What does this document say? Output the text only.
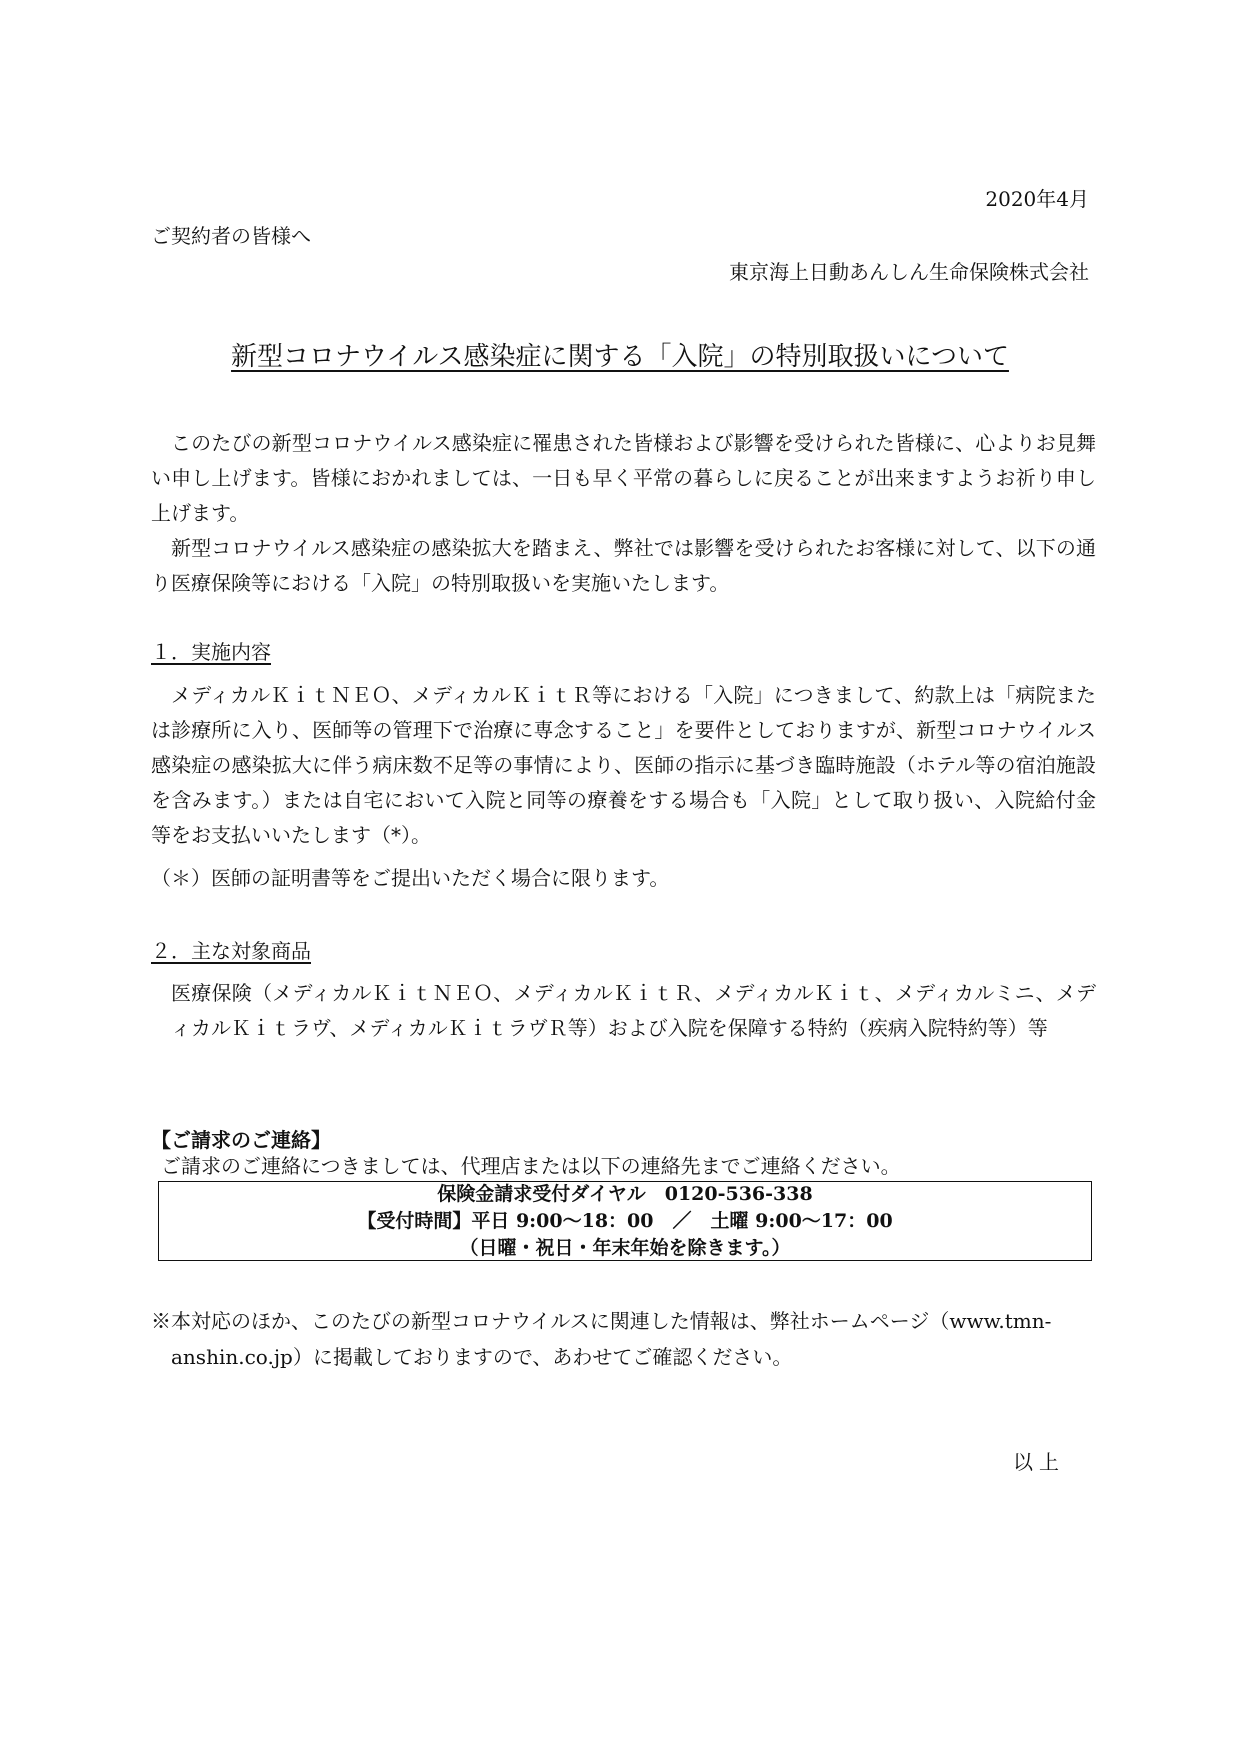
2020年4月
ご契約者の皆様へ
東京海上日動あんしん生命保険株式会社
新型コロナウイルス感染症に関する「入院」の特別取扱いについて
このたびの新型コロナウイルス感染症に罹患された皆様および影響を受けられた皆様に、心よりお見舞い申し上げます。皆様におかれましては、一日も早く平常の暮らしに戻ることが出来ますようお祈り申し上げます。
新型コロナウイルス感染症の感染拡大を踏まえ、弊社では影響を受けられたお客様に対して、以下の通り医療保険等における「入院」の特別取扱いを実施いたします。
１．実施内容
メディカルＫｉｔＮＥＯ、メディカルＫｉｔＲ等における「入院」につきまして、約款上は「病院または診療所に入り、医師等の管理下で治療に専念すること」を要件としておりますが、新型コロナウイルス感染症の感染拡大に伴う病床数不足等の事情により、医師の指示に基づき臨時施設（ホテル等の宿泊施設を含みます。）または自宅において入院と同等の療養をする場合も「入院」として取り扱い、入院給付金等をお支払いいたします（*）。
（＊）医師の証明書等をご提出いただく場合に限ります。
２．主な対象商品
医療保険（メディカルＫｉｔＮＥＯ、メディカルＫｉｔＲ、メディカルＫｉｔ、メディカルミニ、メディカルＫｉｔラヴ、メディカルＫｉｔラヴＲ等）および入院を保障する特約（疾病入院特約等）等
【ご請求のご連絡】
ご請求のご連絡につきましては、代理店または以下の連絡先までご連絡ください。
保険金請求受付ダイヤル　0120-536-338
【受付時間】平日 9:00～18：00　／　土曜 9:00～17：00
（日曜・祝日・年末年始を除きます。）
※本対応のほか、このたびの新型コロナウイルスに関連した情報は、弊社ホームページ（www.tmn-anshin.co.jp）に掲載しておりますので、あわせてご確認ください。
以上
